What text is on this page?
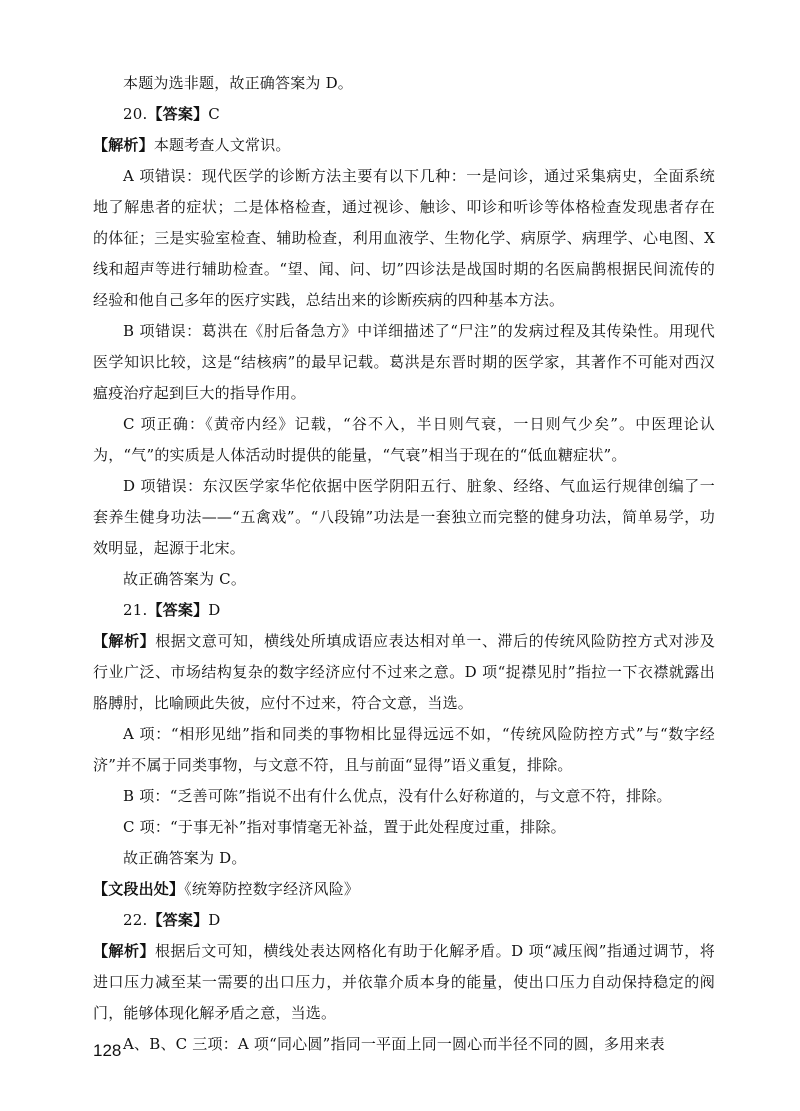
本题为选非题，故正确答案为 D。

20.【答案】C

【解析】本题考查人文常识。

A 项错误：现代医学的诊断方法主要有以下几种：一是问诊，通过采集病史，全面系统地了解患者的症状；二是体格检查，通过视诊、触诊、叩诊和听诊等体格检查发现患者存在的体征；三是实验室检查、辅助检查，利用血液学、生物化学、病原学、病理学、心电图、X 线和超声等进行辅助检查。“望、闻、问、切”四诊法是战国时期的名医扁鹊根据民间流传的经验和他自己多年的医疗实践，总结出来的诊断疾病的四种基本方法。

B 项错误：葛洪在《肘后备急方》中详细描述了“尸注”的发病过程及其传染性。用现代医学知识比较，这是“结核病”的最早记载。葛洪是东晋时期的医学家，其著作不可能对西汉瘟疫治疗起到巨大的指导作用。

C 项正确：《黄帝内经》记载，“谷不入，半日则气衰，一日则气少矣”。中医理论认为，“气”的实质是人体活动时提供的能量，“气衰”相当于现在的“低血糖症状”。

D 项错误：东汉医学家华佗依据中医学阴阳五行、脏象、经络、气血运行规律创编了一套养生健身功法——“五禽戏”。“八段锦”功法是一套独立而完整的健身功法，简单易学，功效明显，起源于北宋。

故正确答案为 C。

21.【答案】D

【解析】根据文意可知，横线处所填成语应表达相对单一、滞后的传统风险防控方式对涉及行业广泛、市场结构复杂的数字经济应付不过来之意。D 项“捉襟见肘”指拉一下衣襟就露出胳膊肘，比喻顾此失彼，应付不过来，符合文意，当选。

A 项：“相形见绌”指和同类的事物相比显得远远不如，“传统风险防控方式”与“数字经济”并不属于同类事物，与文意不符，且与前面“显得”语义重复，排除。

B 项：“乏善可陈”指说不出有什么优点，没有什么好称道的，与文意不符，排除。

C 项：“于事无补”指对事情毫无补益，置于此处程度过重，排除。

故正确答案为 D。

【文段出处】《统筹防控数字经济风险》

22.【答案】D

【解析】根据后文可知，横线处表达网格化有助于化解矛盾。D 项“减压阀”指通过调节，将进口压力减至某一需要的出口压力，并依靠介质本身的能量，使出口压力自动保持稳定的阀门，能够体现化解矛盾之意，当选。

A、B、C 三项：A 项“同心圆”指同一平面上同一圆心而半径不同的圆，多用来表

128
